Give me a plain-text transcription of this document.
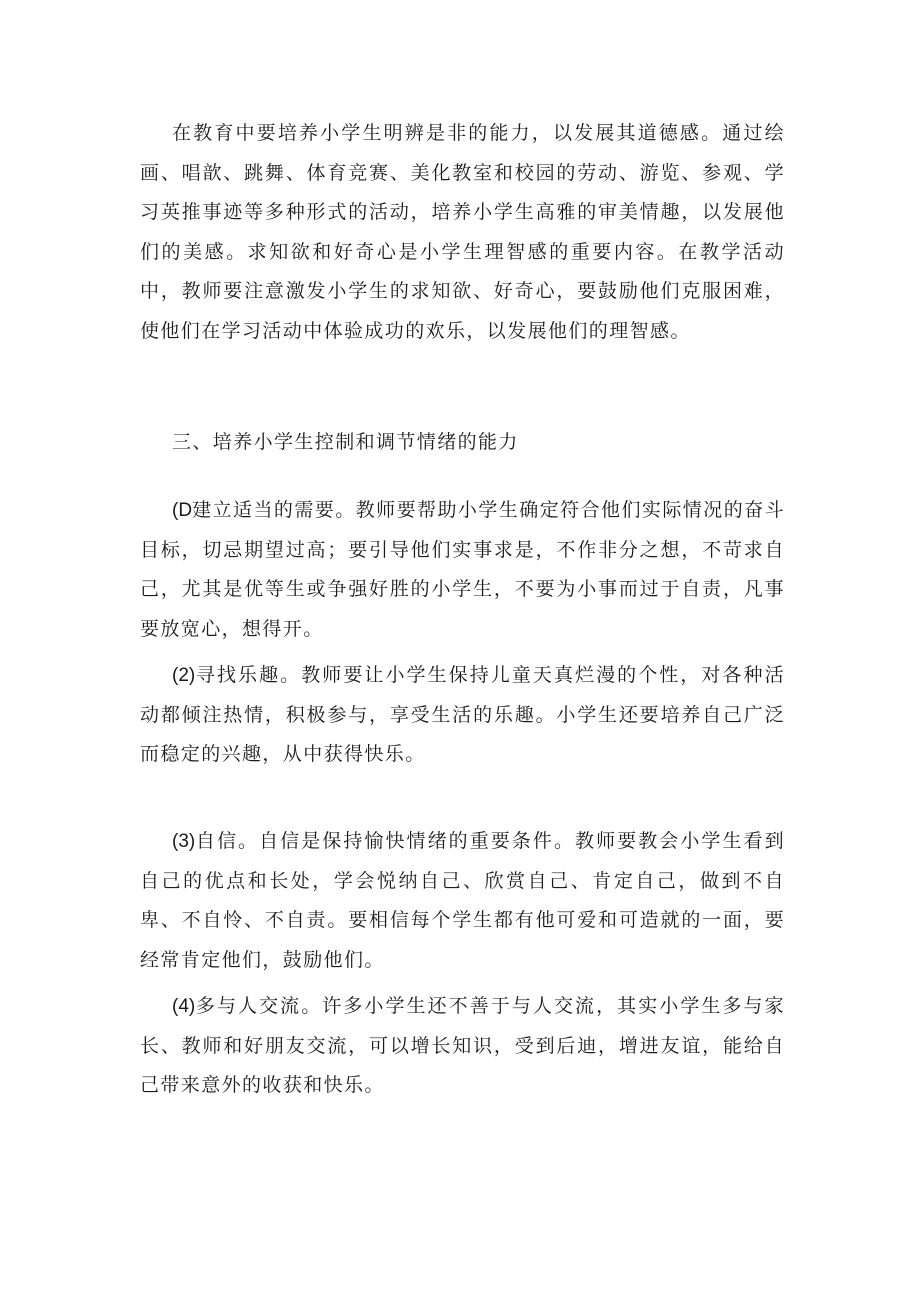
在教育中要培养小学生明辨是非的能力，以发展其道德感。通过绘画、唱歆、跳舞、体育竞赛、美化教室和校园的劳动、游览、参观、学习英推事迹等多种形式的活动，培养小学生高雅的审美情趣，以发展他们的美感。求知欲和好奇心是小学生理智感的重要内容。在教学活动中，教师要注意激发小学生的求知欲、好奇心，要鼓励他们克服困难，使他们在学习活动中体验成功的欢乐，以发展他们的理智感。

三、培养小学生控制和调节情绪的能力

(D建立适当的需要。教师要帮助小学生确定符合他们实际情况的奋斗目标，切忌期望过高；要引导他们实事求是，不作非分之想，不苛求自己，尤其是优等生或争强好胜的小学生，不要为小事而过于自责，凡事要放宽心，想得开。

(2)寻找乐趣。教师要让小学生保持儿童天真烂漫的个性，对各种活动都倾注热情，积极参与，享受生活的乐趣。小学生还要培养自己广泛而稳定的兴趣，从中获得快乐。

(3)自信。自信是保持愉快情绪的重要条件。教师要教会小学生看到自己的优点和长处，学会悦纳自己、欣赏自己、肯定自己，做到不自卑、不自怜、不自责。要相信每个学生都有他可爱和可造就的一面，要经常肯定他们，鼓励他们。

(4)多与人交流。许多小学生还不善于与人交流，其实小学生多与家长、教师和好朋友交流，可以增长知识，受到后迪，增进友谊，能给自己带来意外的收获和快乐。
